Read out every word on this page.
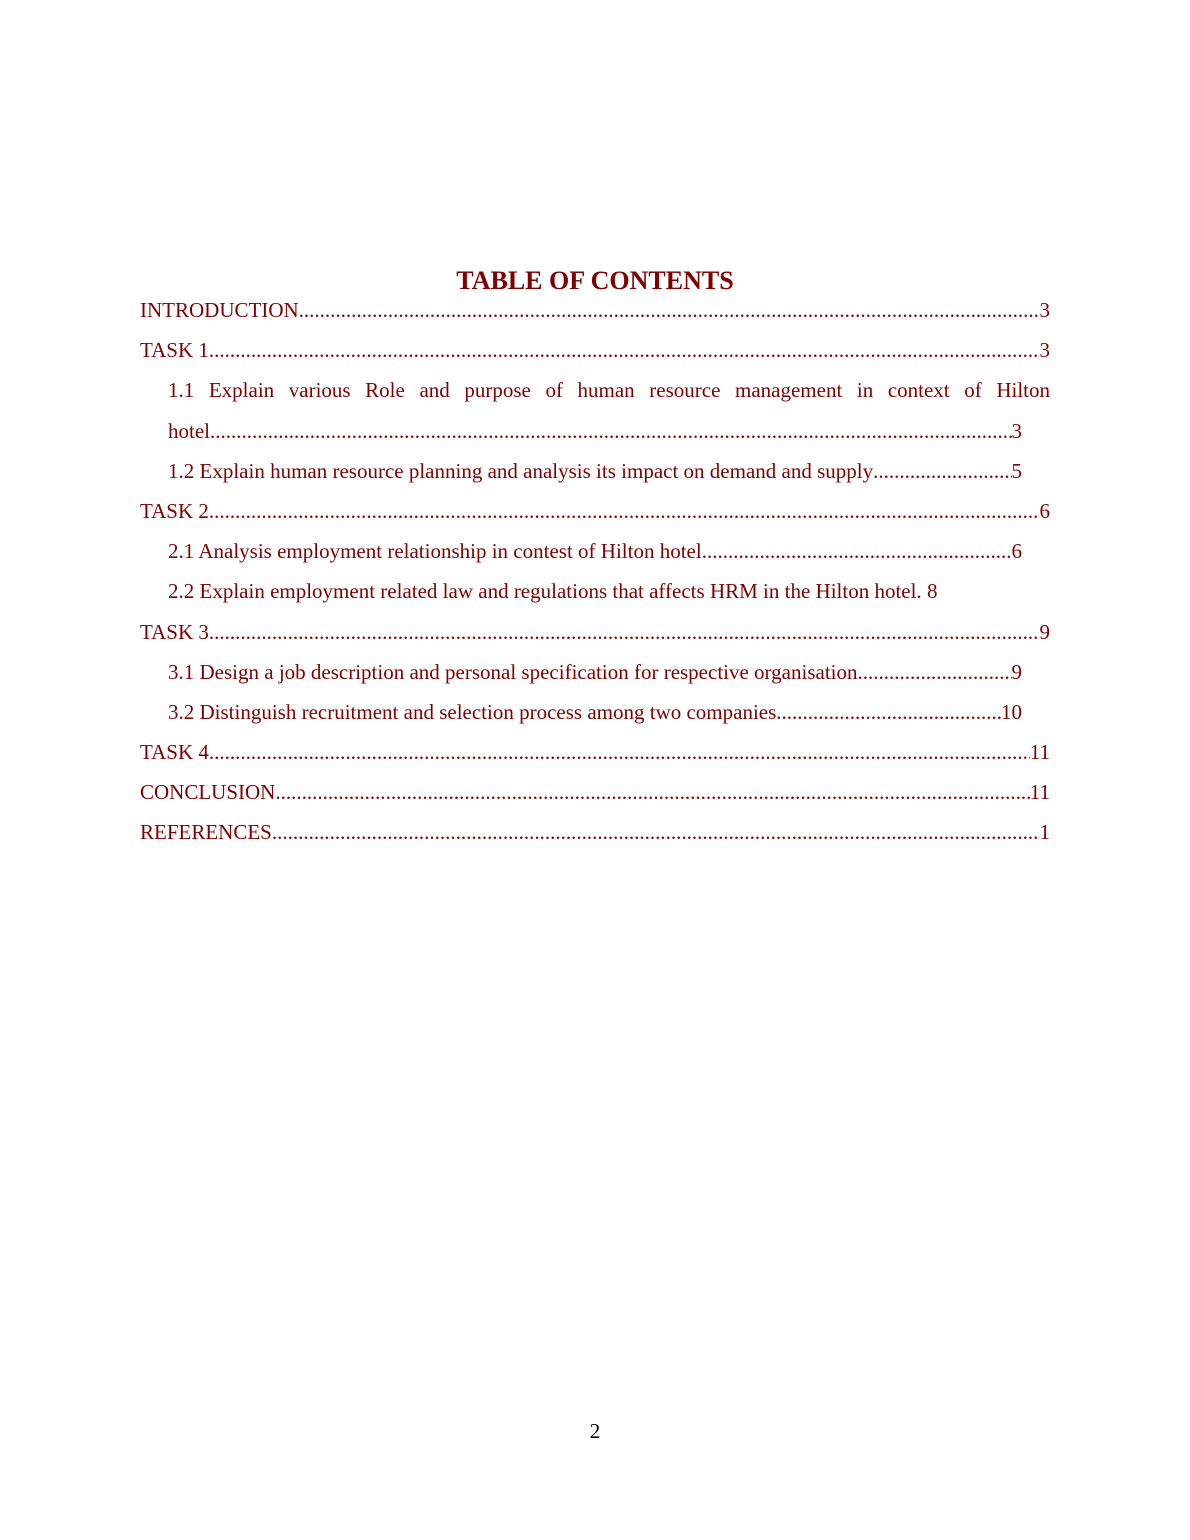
TABLE OF CONTENTS
INTRODUCTION .....	3
TASK 1 .....	3
1.1 Explain various Role and purpose of human resource management in context of Hilton
hotel .....	3
1.2 Explain human resource planning and analysis its impact on demand and supply .....	5
TASK 2 .....	6
2.1 Analysis employment relationship in contest of Hilton hotel .....	6
2.2 Explain employment related law and regulations that affects HRM in the Hilton hotel. 8
TASK 3 .....	9
3.1 Design a job description and personal specification for respective organisation .....	9
3.2 Distinguish recruitment and selection process among two companies .....	10
TASK 4 .....	11
CONCLUSION .....	11
REFERENCES .....	1
2
